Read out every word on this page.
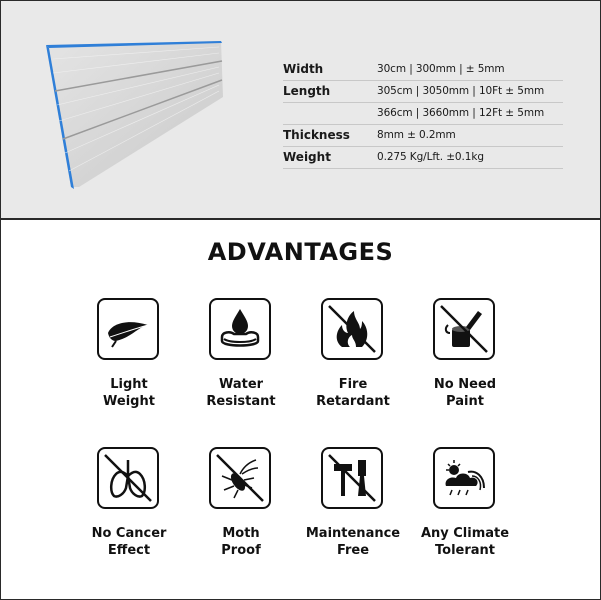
Width	30cm | 300mm | ± 5mm
Length	305cm | 3050mm | 10Ft ± 5mm
366cm | 3660mm | 12Ft ± 5mm
Thickness	8mm ± 0.2mm
Weight	0.275 Kg/Lft. ±0.1kg
ADVANTAGES
Light
Weight
Water
Resistant
Fire
Retardant
No Need
Paint
No Cancer
Effect
Moth
Proof
Maintenance
Free
Any Climate
Tolerant
